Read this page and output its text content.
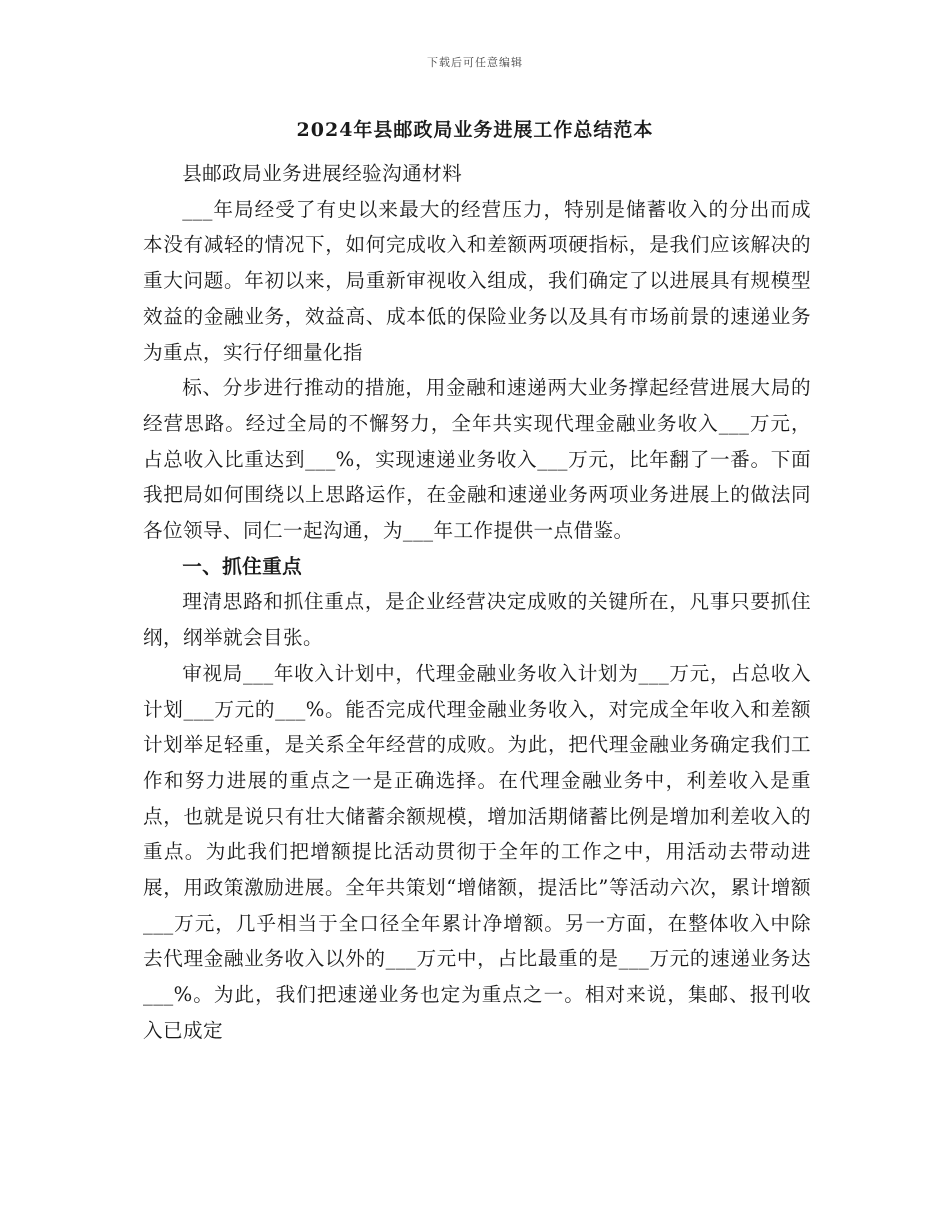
下载后可任意编辑
2024年县邮政局业务进展工作总结范本

县邮政局业务进展经验沟通材料

___年局经受了有史以来最大的经营压力，特别是储蓄收入的分出而成本没有减轻的情况下，如何完成收入和差额两项硬指标，是我们应该解决的重大问题。年初以来，局重新审视收入组成，我们确定了以进展具有规模型效益的金融业务，效益高、成本低的保险业务以及具有市场前景的速递业务为重点，实行仔细量化指

标、分步进行推动的措施，用金融和速递两大业务撑起经营进展大局的经营思路。经过全局的不懈努力，全年共实现代理金融业务收入___万元，占总收入比重达到___%，实现速递业务收入___万元，比年翻了一番。下面我把局如何围绕以上思路运作，在金融和速递业务两项业务进展上的做法同各位领导、同仁一起沟通，为___年工作提供一点借鉴。

一、抓住重点

理清思路和抓住重点，是企业经营决定成败的关键所在，凡事只要抓住纲，纲举就会目张。

审视局___年收入计划中，代理金融业务收入计划为___万元，占总收入计划___万元的___%。能否完成代理金融业务收入，对完成全年收入和差额计划举足轻重，是关系全年经营的成败。为此，把代理金融业务确定我们工作和努力进展的重点之一是正确选择。在代理金融业务中，利差收入是重点，也就是说只有壮大储蓄余额规模，增加活期储蓄比例是增加利差收入的重点。为此我们把增额提比活动贯彻于全年的工作之中，用活动去带动进展，用政策激励进展。全年共策划“增储额，提活比”等活动六次，累计增额___万元，几乎相当于全口径全年累计净增额。另一方面，在整体收入中除去代理金融业务收入以外的___万元中，占比最重的是___万元的速递业务达___%。为此，我们把速递业务也定为重点之一。相对来说，集邮、报刊收入已成定
